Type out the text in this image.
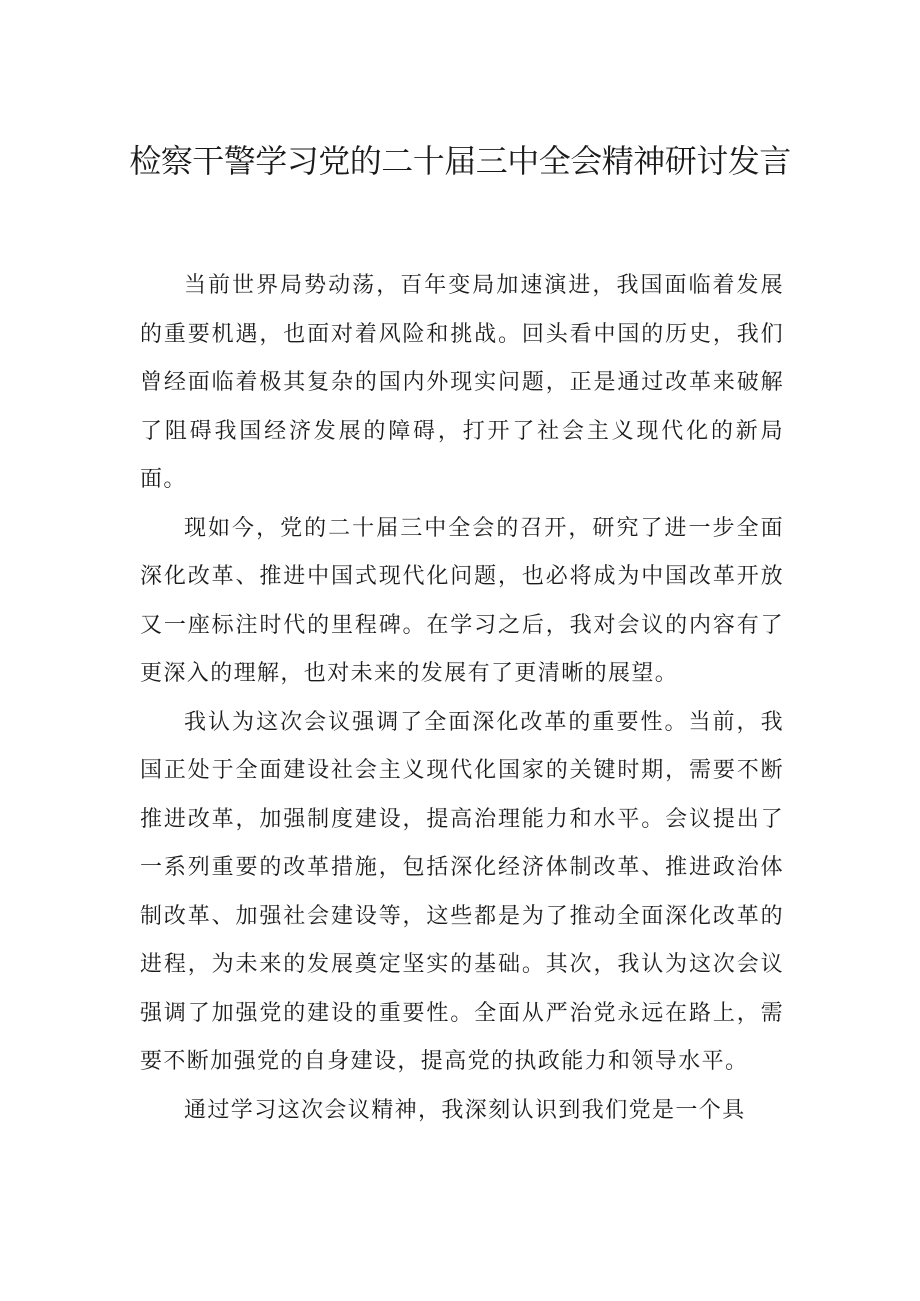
检察干警学习党的二十届三中全会精神研讨发言

当前世界局势动荡，百年变局加速演进，我国面临着发展的重要机遇，也面对着风险和挑战。回头看中国的历史，我们曾经面临着极其复杂的国内外现实问题，正是通过改革来破解了阻碍我国经济发展的障碍，打开了社会主义现代化的新局面。

现如今，党的二十届三中全会的召开，研究了进一步全面深化改革、推进中国式现代化问题，也必将成为中国改革开放又一座标注时代的里程碑。在学习之后，我对会议的内容有了更深入的理解，也对未来的发展有了更清晰的展望。

我认为这次会议强调了全面深化改革的重要性。当前，我国正处于全面建设社会主义现代化国家的关键时期，需要不断推进改革，加强制度建设，提高治理能力和水平。会议提出了一系列重要的改革措施，包括深化经济体制改革、推进政治体制改革、加强社会建设等，这些都是为了推动全面深化改革的进程，为未来的发展奠定坚实的基础。其次，我认为这次会议强调了加强党的建设的重要性。全面从严治党永远在路上，需要不断加强党的自身建设，提高党的执政能力和领导水平。

通过学习这次会议精神，我深刻认识到我们党是一个具
